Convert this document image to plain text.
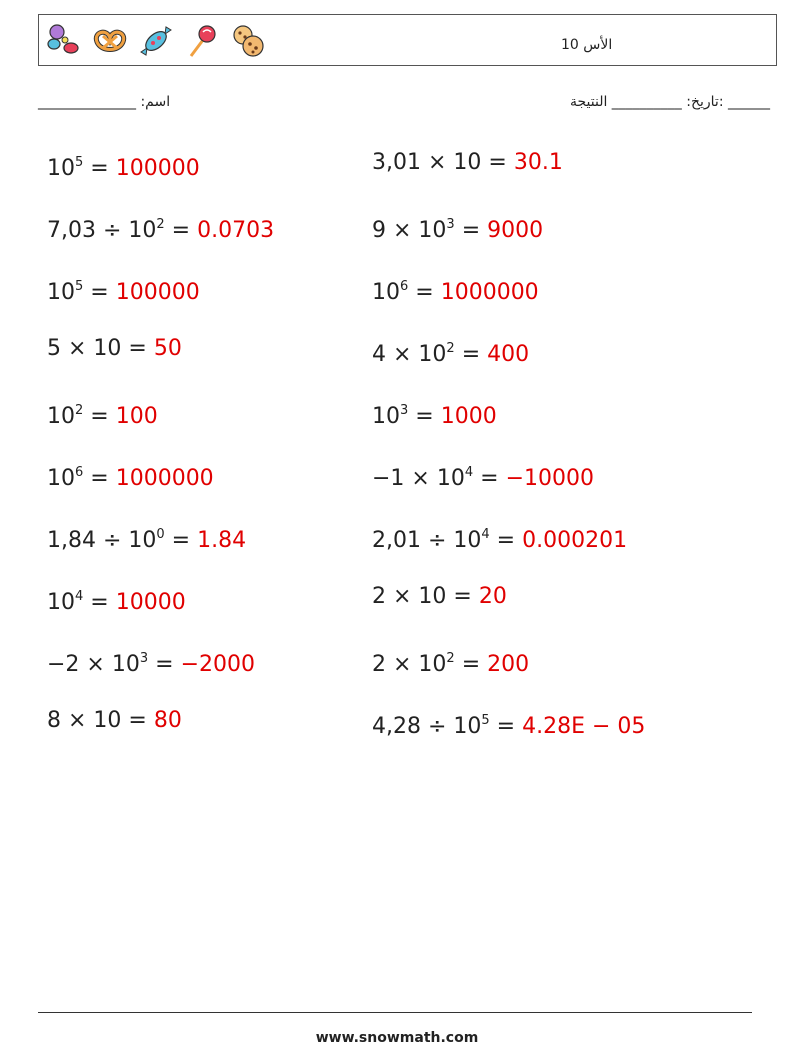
الأس 10
اسم: ______________	______ :تاريخ: __________ النتيجة
$10^5 = 100000$	3,01 × 10 = 30.1
$7,03 \div 10^2 = 0.0703$	$9 \times 10^3 = 9000$
$10^5 = 100000$	$10^6 = 1000000$
5 × 10 = 50	$4 \times 10^2 = 400$
$10^2 = 100$	$10^3 = 1000$
$10^6 = 1000000$	$-1 \times 10^4 = -10000$
$1,84 \div 10^0 = 1.84$	$2,01 \div 10^4 = 0.000201$
$10^4 = 10000$	2 × 10 = 20
$-2 \times 10^3 = -2000$	$2 \times 10^2 = 200$
8 × 10 = 80	$4,28 \div 10^5 = 4.28E - 05$
www.snowmath.com
